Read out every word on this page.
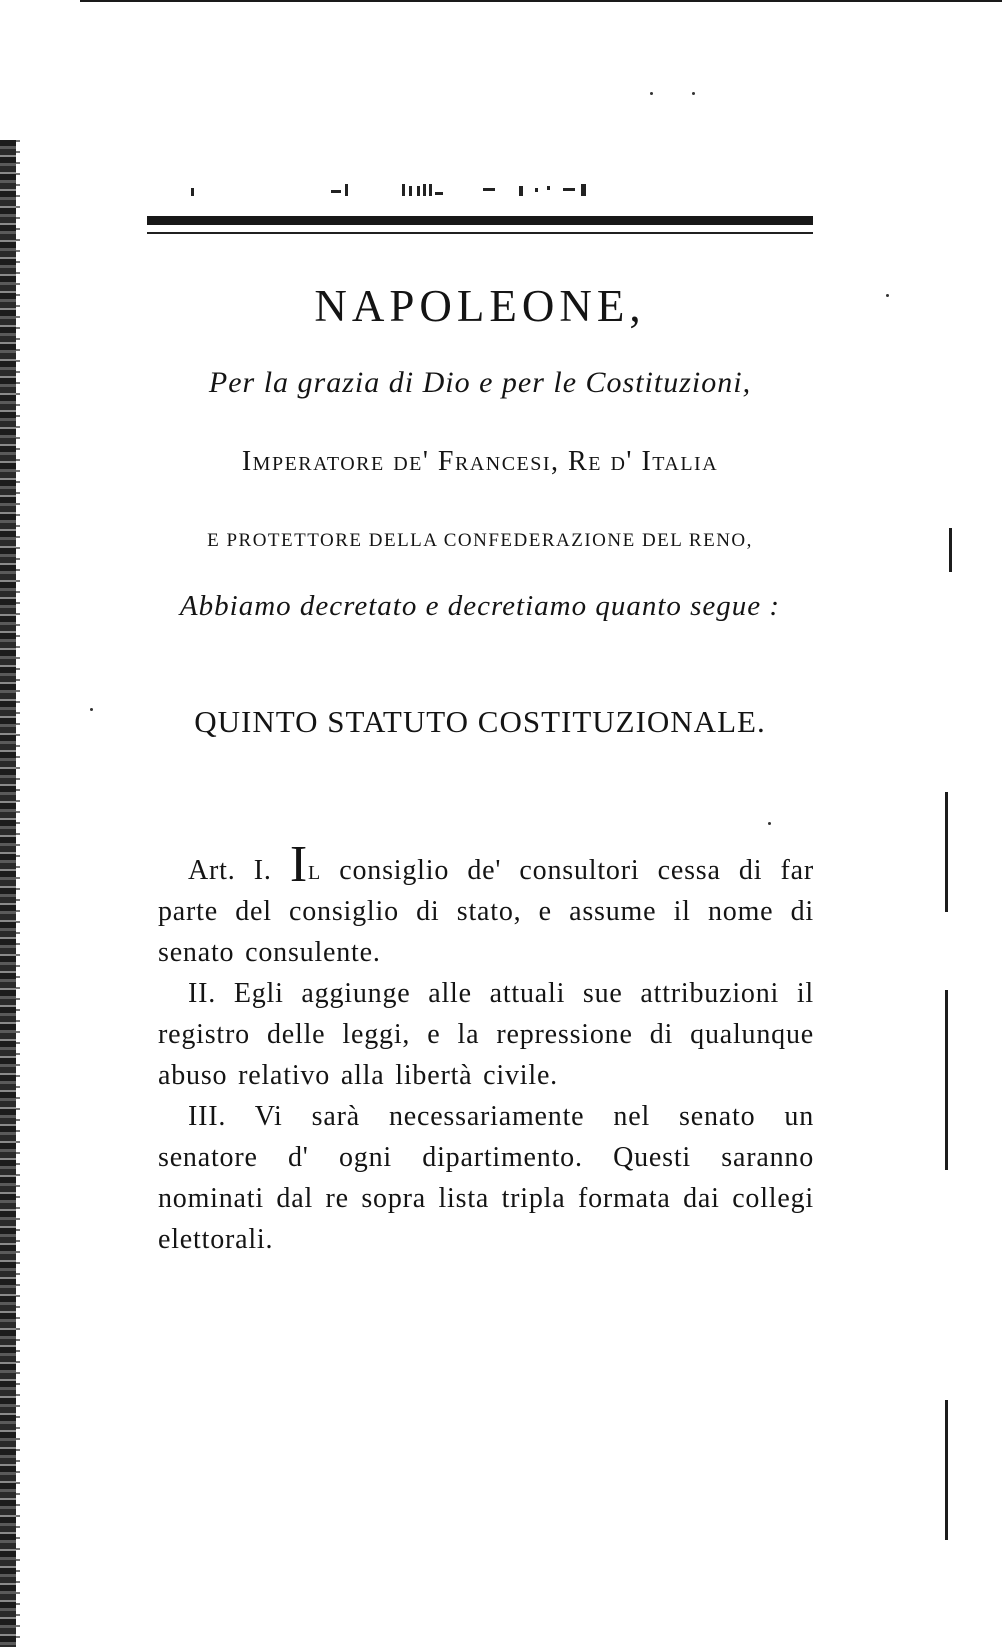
NAPOLEONE,
Per la grazia di Dio e per le Costituzioni,
Imperatore de' Francesi, Re d' Italia
E PROTETTORE DELLA CONFEDERAZIONE DEL RENO,
Abbiamo decretato e decretiamo quanto segue :
QUINTO STATUTO COSTITUZIONALE.

Art. I. Il consiglio de' consultori cessa di far parte del consiglio di stato, e assume il nome di senato consulente.

II. Egli aggiunge alle attuali sue attribuzioni il registro delle leggi, e la repressione di qualunque abuso relativo alla libertà civile.

III. Vi sarà necessariamente nel senato un senatore d' ogni dipartimento. Questi saranno nominati dal re sopra lista tripla formata dai collegi elettorali.
